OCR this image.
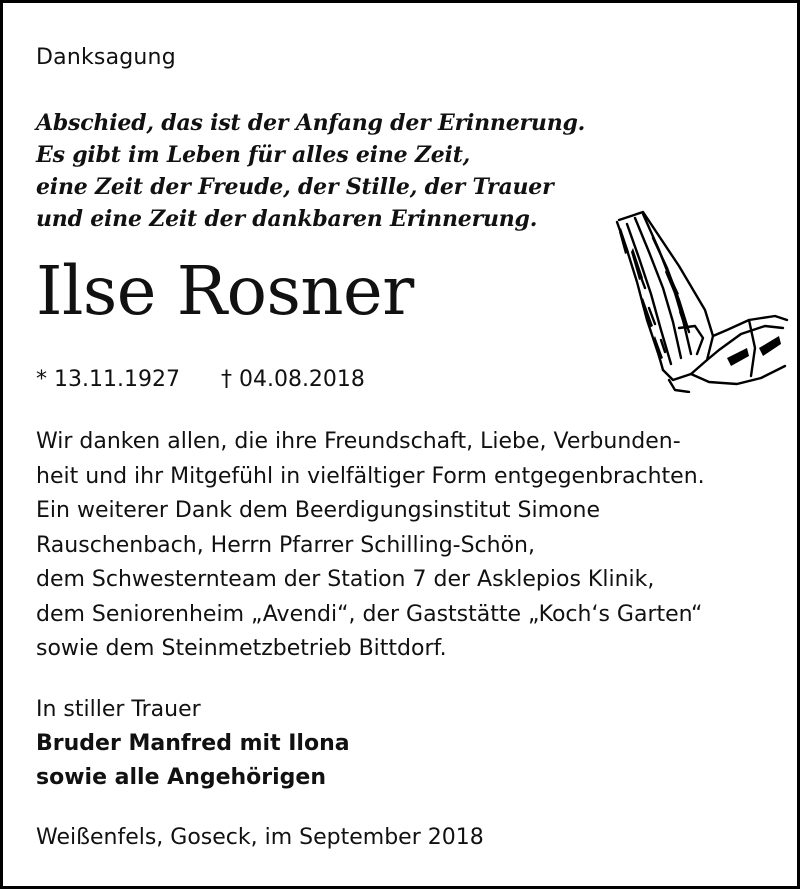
Danksagung
Abschied, das ist der Anfang der Erinnerung.
Es gibt im Leben für alles eine Zeit,
eine Zeit der Freude, der Stille, der Trauer
und eine Zeit der dankbaren Erinnerung.
Ilse Rosner
* 13.11.1927 † 04.08.2018
Wir danken allen, die ihre Freundschaft, Liebe, Verbunden-
heit und ihr Mitgefühl in vielfältiger Form entgegenbrachten.
Ein weiterer Dank dem Beerdigungsinstitut Simone
Rauschenbach, Herrn Pfarrer Schilling-Schön,
dem Schwesternteam der Station 7 der Asklepios Klinik,
dem Seniorenheim „Avendi“, der Gaststätte „Koch‘s Garten“
sowie dem Steinmetzbetrieb Bittdorf.
In stiller Trauer
Bruder Manfred mit Ilona
sowie alle Angehörigen
Weißenfels, Goseck, im September 2018
